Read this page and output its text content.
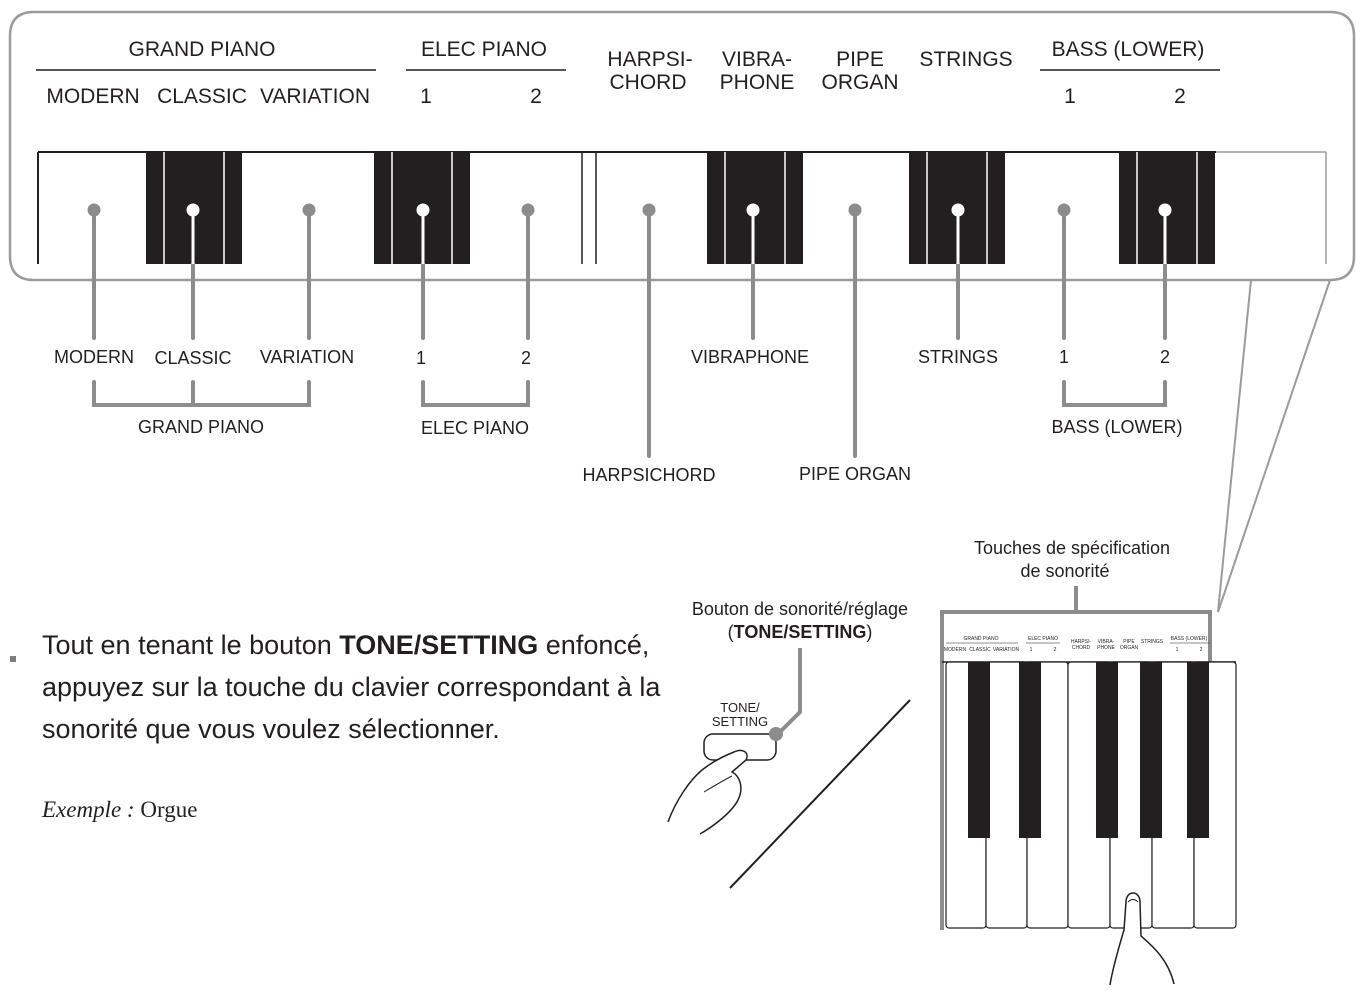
GRAND PIANO
MODERN CLASSIC VARIATION
ELEC PIANO
1	2
HARPSI-
CHORD
VIBRA-
PHONE
PIPE
ORGAN
STRINGS BASS (LOWER)
1	2
MODERN CLASSIC VARIATION
GRAND PIANO
1	2
ELEC PIANO
HARPSICHORD
VIBRAPHONE
PIPE ORGAN
STRINGS	1	2
BASS (LOWER)
Touches de spécification
de sonorité
GRAND PIANO
MODERN CLASSIC VARIATION
ELEC PIANO
1	2
HARPSI-
CHORD
VIBRA-
PHONE
PIPE
ORGAN
STRINGS BASS (LOWER)
1	2
Bouton de sonorité/réglage
(TONE/SETTING)
TONE/
SETTING
Tout en tenant le bouton TONE/SETTING enfoncé, appuyez sur la touche du clavier correspondant à la sonorité que vous voulez sélectionner.
Exemple : Orgue
